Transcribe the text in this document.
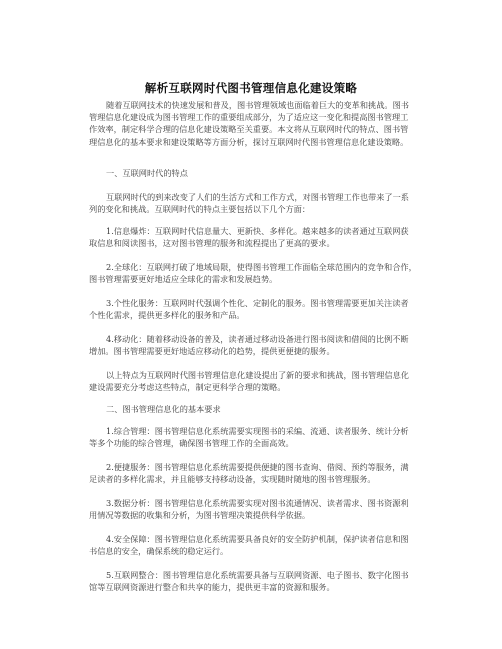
解析互联网时代图书管理信息化建设策略

随着互联网技术的快速发展和普及，图书管理领域也面临着巨大的变革和挑战。图书
管理信息化建设成为图书管理工作的重要组成部分，为了适应这一变化和提高图书管理工
作效率，制定科学合理的信息化建设策略至关重要。本文将从互联网时代的特点、图书管
理信息化的基本要求和建设策略等方面分析，探讨互联网时代图书管理信息化建设策略。

一、互联网时代的特点

互联网时代的到来改变了人们的生活方式和工作方式，对图书管理工作也带来了一系
列的变化和挑战。互联网时代的特点主要包括以下几个方面：

1.信息爆炸：互联网时代信息量大、更新快、多样化。越来越多的读者通过互联网获
取信息和阅读图书，这对图书管理的服务和流程提出了更高的要求。

2.全球化：互联网打破了地域局限，使得图书管理工作面临全球范围内的竞争和合作，
图书管理需要更好地适应全球化的需求和发展趋势。

3.个性化服务：互联网时代强调个性化、定制化的服务。图书管理需要更加关注读者
个性化需求，提供更多样化的服务和产品。

4.移动化：随着移动设备的普及，读者通过移动设备进行图书阅读和借阅的比例不断
增加。图书管理需要更好地适应移动化的趋势，提供更便捷的服务。

以上特点为互联网时代图书管理信息化建设提出了新的要求和挑战，图书管理信息化
建设需要充分考虑这些特点，制定更科学合理的策略。

二、图书管理信息化的基本要求

1.综合管理：图书管理信息化系统需要实现图书的采编、流通、读者服务、统计分析
等多个功能的综合管理，确保图书管理工作的全面高效。

2.便捷服务：图书管理信息化系统需要提供便捷的图书查询、借阅、预约等服务，满
足读者的多样化需求，并且能够支持移动设备，实现随时随地的图书管理服务。

3.数据分析：图书管理信息化系统需要实现对图书流通情况、读者需求、图书资源利
用情况等数据的收集和分析，为图书管理决策提供科学依据。

4.安全保障：图书管理信息化系统需要具备良好的安全防护机制，保护读者信息和图
书信息的安全，确保系统的稳定运行。

5.互联网整合：图书管理信息化系统需要具备与互联网资源、电子图书、数字化图书
馆等互联网资源进行整合和共享的能力，提供更丰富的资源和服务。
